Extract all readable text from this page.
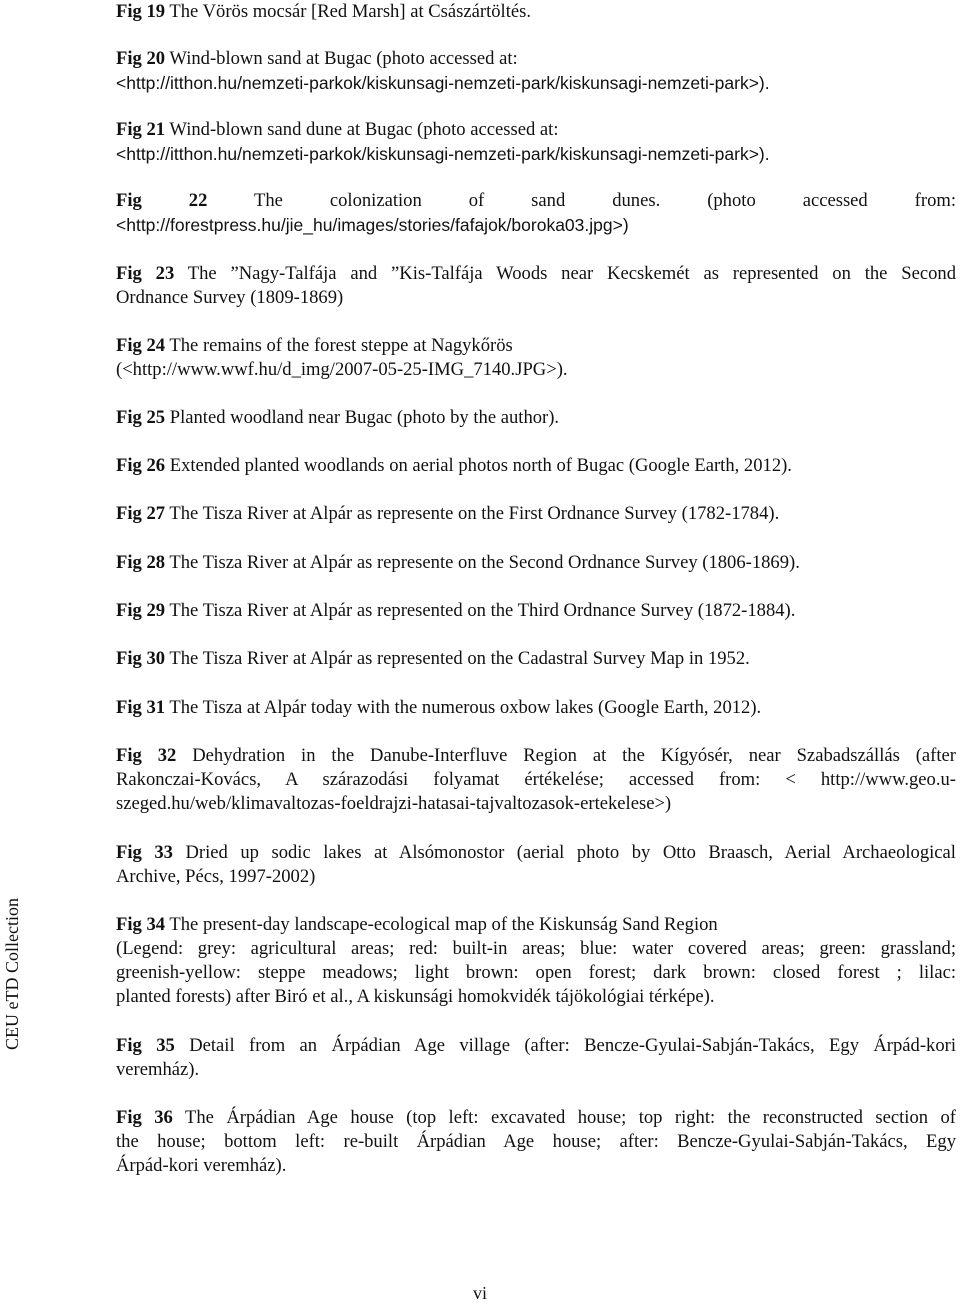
CEU eTD Collection
Fig 19 The Vörös mocsár [Red Marsh] at Császártöltés.
Fig 20 Wind-blown sand at Bugac (photo accessed at:
<http://itthon.hu/nemzeti-parkok/kiskunsagi-nemzeti-park/kiskunsagi-nemzeti-park>).
Fig 21 Wind-blown sand dune at Bugac (photo accessed at:
<http://itthon.hu/nemzeti-parkok/kiskunsagi-nemzeti-park/kiskunsagi-nemzeti-park>).
Fig 22	The colonization of sand dunes. (photo accessed from:
<http://forestpress.hu/jie_hu/images/stories/fafajok/boroka03.jpg>)
Fig 23 The ”Nagy-Talfája and ”Kis-Talfája Woods near Kecskemét as represented on the Second
Ordnance Survey (1809-1869)
Fig 24 The remains of the forest steppe at Nagykőrös
(<http://www.wwf.hu/d_img/2007-05-25-IMG_7140.JPG>).
Fig 25 Planted woodland near Bugac (photo by the author).
Fig 26 Extended planted woodlands on aerial photos north of Bugac (Google Earth, 2012).
Fig 27 The Tisza River at Alpár as represente on the First Ordnance Survey (1782-1784).
Fig 28 The Tisza River at Alpár as represente on the Second Ordnance Survey (1806-1869).
Fig 29 The Tisza River at Alpár as represented on the Third Ordnance Survey (1872-1884).
Fig 30 The Tisza River at Alpár as represented on the Cadastral Survey Map in 1952.
Fig 31 The Tisza at Alpár today with the numerous oxbow lakes (Google Earth, 2012).
Fig 32 Dehydration in the Danube-Interfluve Region at the Kígyósér, near Szabadszállás (after
Rakonczai-Kovács, A szárazodási folyamat értékelése; accessed from: < http://www.geo.u-
szeged.hu/web/klimavaltozas-foeldrajzi-hatasai-tajvaltozasok-ertekelese>)
Fig 33 Dried up sodic lakes at Alsómonostor (aerial photo by Otto Braasch, Aerial Archaeological
Archive, Pécs, 1997-2002)
Fig 34 The present-day landscape-ecological map of the Kiskunság Sand Region
(Legend: grey: agricultural areas; red: built-in areas; blue: water covered areas; green: grassland;
greenish-yellow: steppe meadows; light brown: open forest; dark brown: closed forest ; lilac:
planted forests) after Biró et al., A kiskunsági homokvidék tájökológiai térképe).
Fig 35 Detail from an Árpádian Age village (after: Bencze-Gyulai-Sabján-Takács, Egy Árpád-kori
veremház).
Fig 36 The Árpádian Age house (top left: excavated house; top right: the reconstructed section of
the house; bottom left: re-built Árpádian Age house; after: Bencze-Gyulai-Sabján-Takács, Egy
Árpád-kori veremház).
vi
